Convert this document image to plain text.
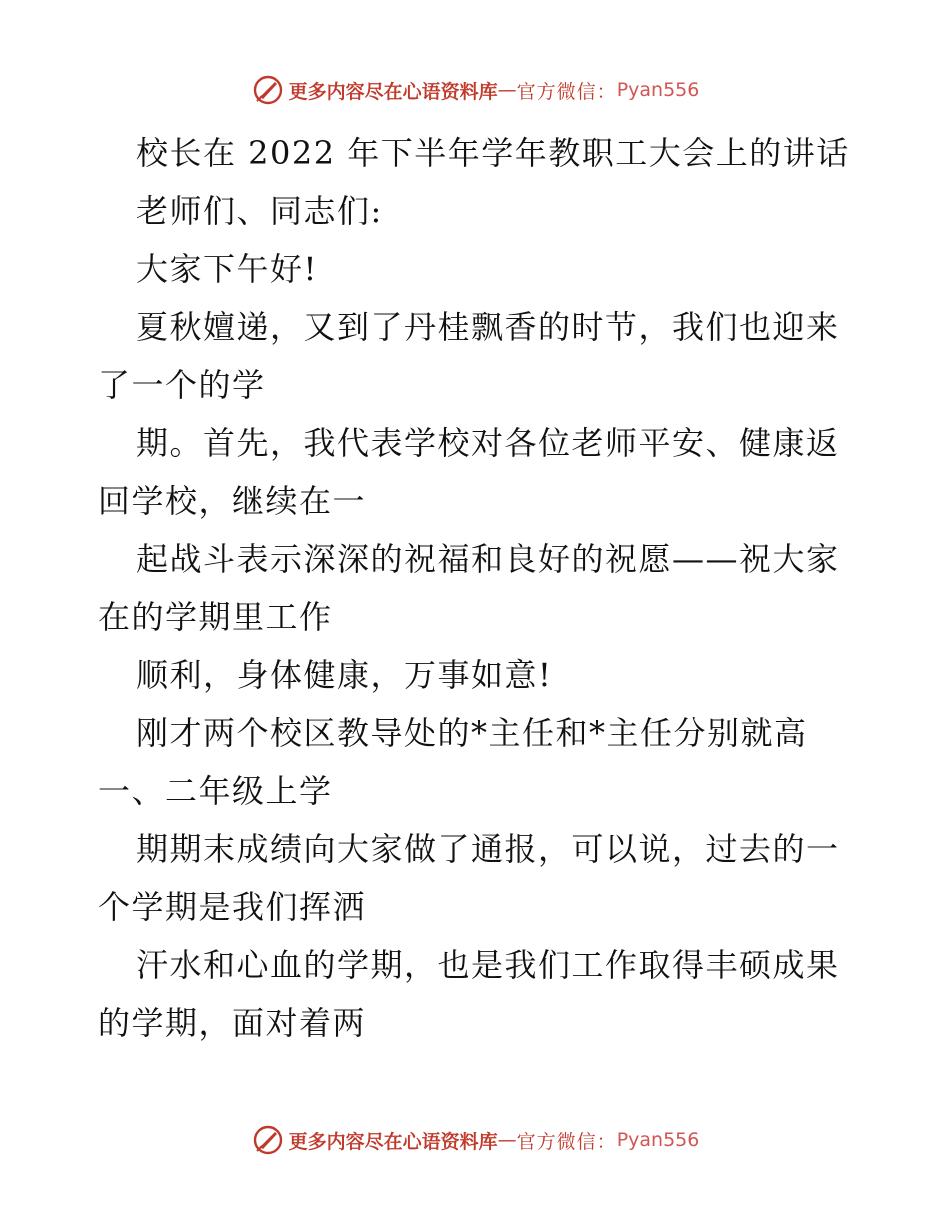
更多内容尽在心语资料库 — 官方微信： Pyan556

校长在 2022 年下半年学年教职工大会上的讲话

老师们、同志们:

大家下午好!

夏秋嬗递，又到了丹桂飘香的时节，我们也迎来

了一个的学

期。首先，我代表学校对各位老师平安、健康返

回学校，继续在一

起战斗表示深深的祝福和良好的祝愿——祝大家

在的学期里工作

顺利，身体健康，万事如意!

刚才两个校区教导处的*主任和*主任分别就高

一、二年级上学

期期末成绩向大家做了通报，可以说，过去的一

个学期是我们挥洒

汗水和心血的学期，也是我们工作取得丰硕成果

的学期，面对着两

更多内容尽在心语资料库 — 官方微信： Pyan556
